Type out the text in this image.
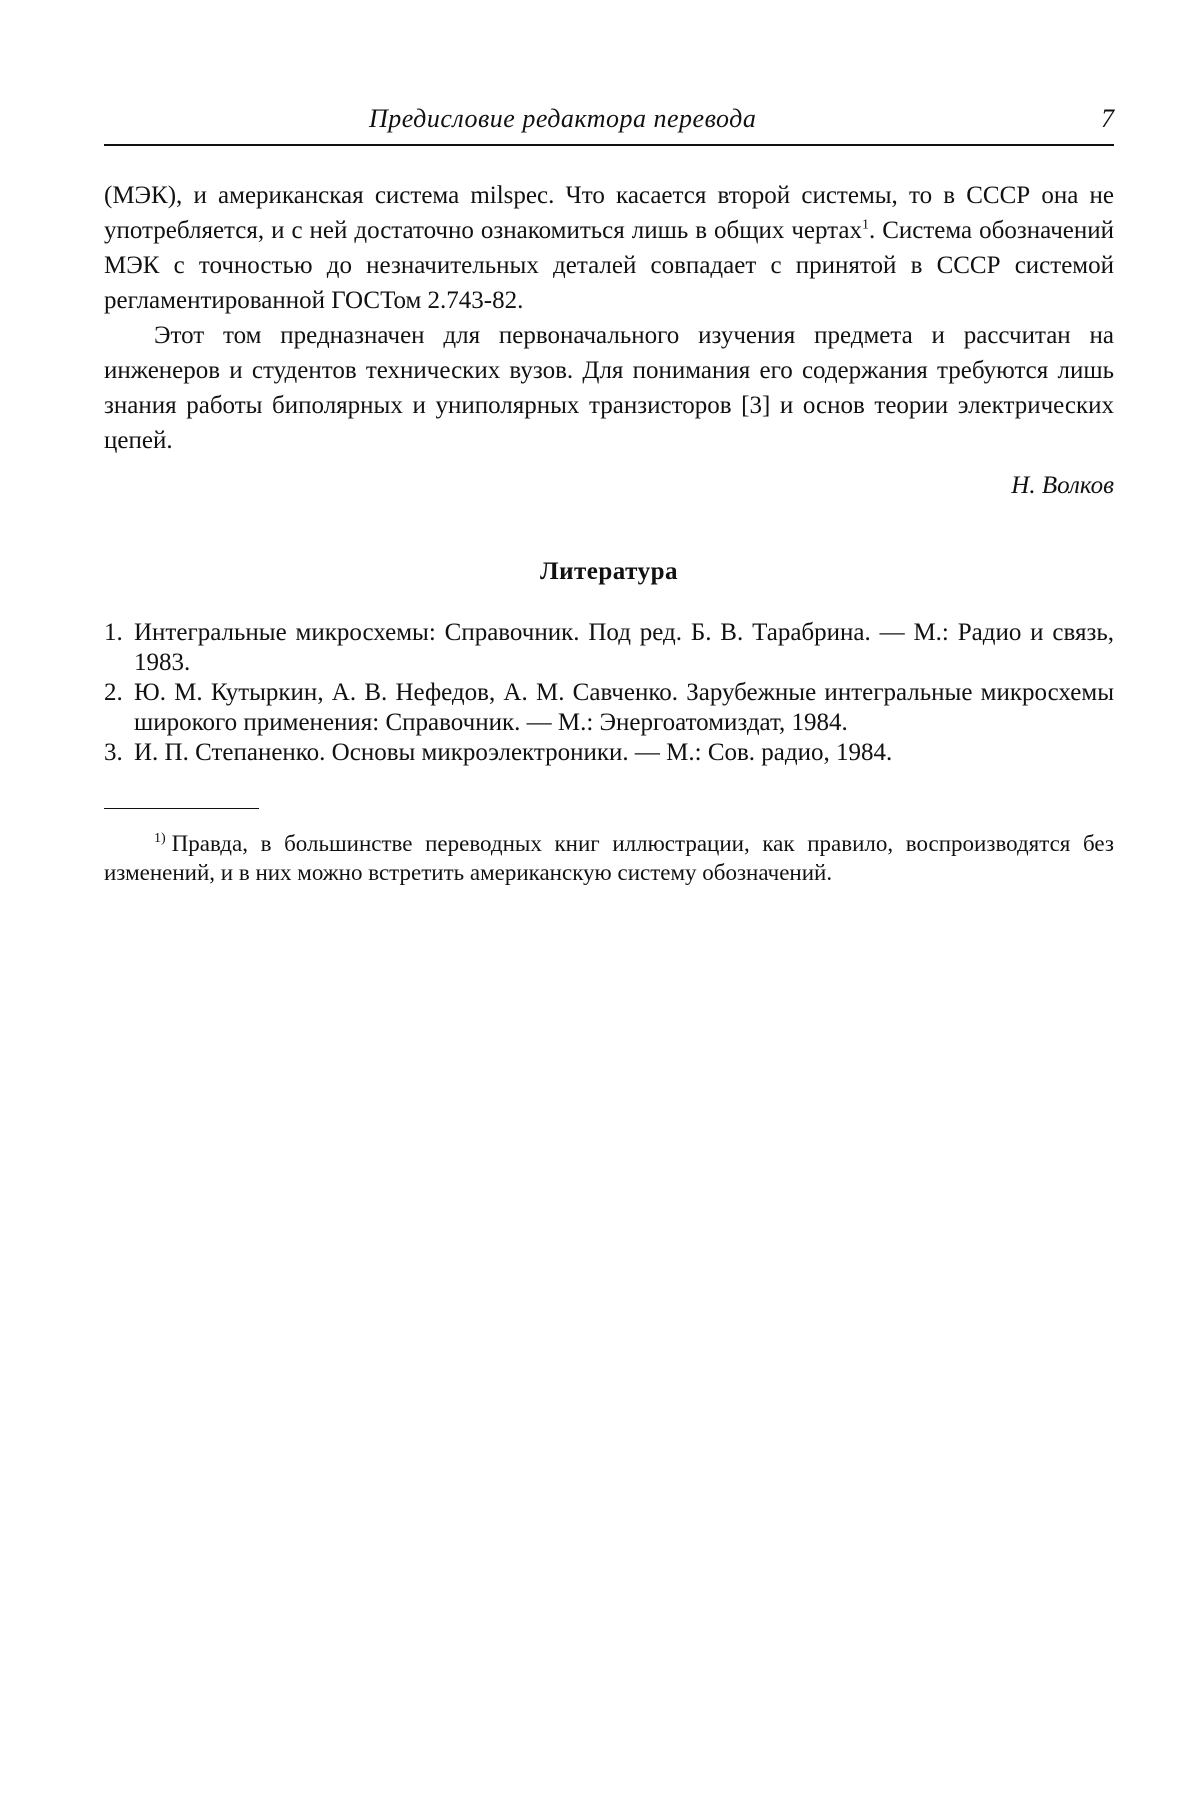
Предисловие редактора перевода	7

(МЭК), и американская система milspec. Что касается второй системы, то в СССР она не употребляется, и с ней достаточно ознакомиться лишь в общих чертах$^1$. Система обозначений МЭК с точностью до незначительных деталей совпадает с принятой в СССР системой регламентированной ГОСТом 2.743-82.

Этот том предназначен для первоначального изучения предмета и рассчитан на инженеров и студентов технических вузов. Для понимания его содержания требуются лишь знания работы биполярных и униполярных транзисторов [3] и основ теории электрических цепей.

Н. Волков
Литература
1. Интегральные микросхемы: Справочник. Под ред. Б. В. Тарабрина. — М.: Радио и связь, 1983.
2. Ю. М. Кутыркин, А. В. Нефедов, А. М. Савченко. Зарубежные интегральные микросхемы широкого применения: Справочник. — М.: Энергоатомиздат, 1984.
3. И. П. Степаненко. Основы микроэлектроники. — М.: Сов. радио, 1984.

$^{1)}$ Правда, в большинстве переводных книг иллюстрации, как правило, воспроизводятся без изменений, и в них можно встретить американскую систему обозначений.
